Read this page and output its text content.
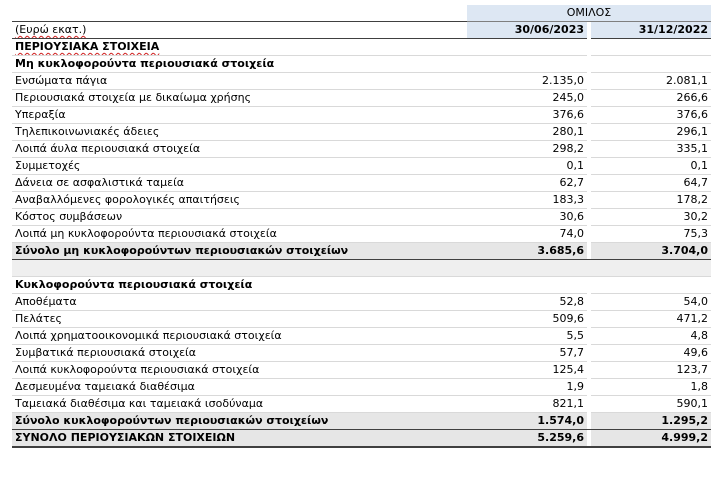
	ΟΜΙΛΟΣ		
(Ευρώ εκατ.)	30/06/2023		31/12/2022
ΠΕΡΙΟΥΣΙΑΚΑ ΣΤΟΙΧΕΙΑ			
Μη κυκλοφορούντα περιουσιακά στοιχεία			
Ενσώματα πάγια	2.135,0		2.081,1
Περιουσιακά στοιχεία με δικαίωμα χρήσης	245,0		266,6
Υπεραξία	376,6		376,6
Τηλεπικοινωνιακές άδειες	280,1		296,1
Λοιπά άυλα περιουσιακά στοιχεία	298,2		335,1
Συμμετοχές	0,1		0,1
Δάνεια σε ασφαλιστικά ταμεία	62,7		64,7
Αναβαλλόμενες φορολογικές απαιτήσεις	183,3		178,2
Κόστος συμβάσεων	30,6		30,2
Λοιπά μη κυκλοφορούντα περιουσιακά στοιχεία	74,0		75,3
Σύνολο μη κυκλοφορούντων περιουσιακών στοιχείων	3.685,6		3.704,0

Κυκλοφορούντα περιουσιακά στοιχεία			
Αποθέματα	52,8		54,0
Πελάτες	509,6		471,2
Λοιπά χρηματοοικονομικά περιουσιακά στοιχεία	5,5		4,8
Συμβατικά περιουσιακά στοιχεία	57,7		49,6
Λοιπά κυκλοφορούντα περιουσιακά στοιχεία	125,4		123,7
Δεσμευμένα ταμειακά διαθέσιμα	1,9		1,8
Ταμειακά διαθέσιμα και ταμειακά ισοδύναμα	821,1		590,1
Σύνολο κυκλοφορούντων περιουσιακών στοιχείων	1.574,0		1.295,2
ΣΥΝΟΛΟ ΠΕΡΙΟΥΣΙΑΚΩΝ ΣΤΟΙΧΕΙΩΝ	5.259,6		4.999,2
